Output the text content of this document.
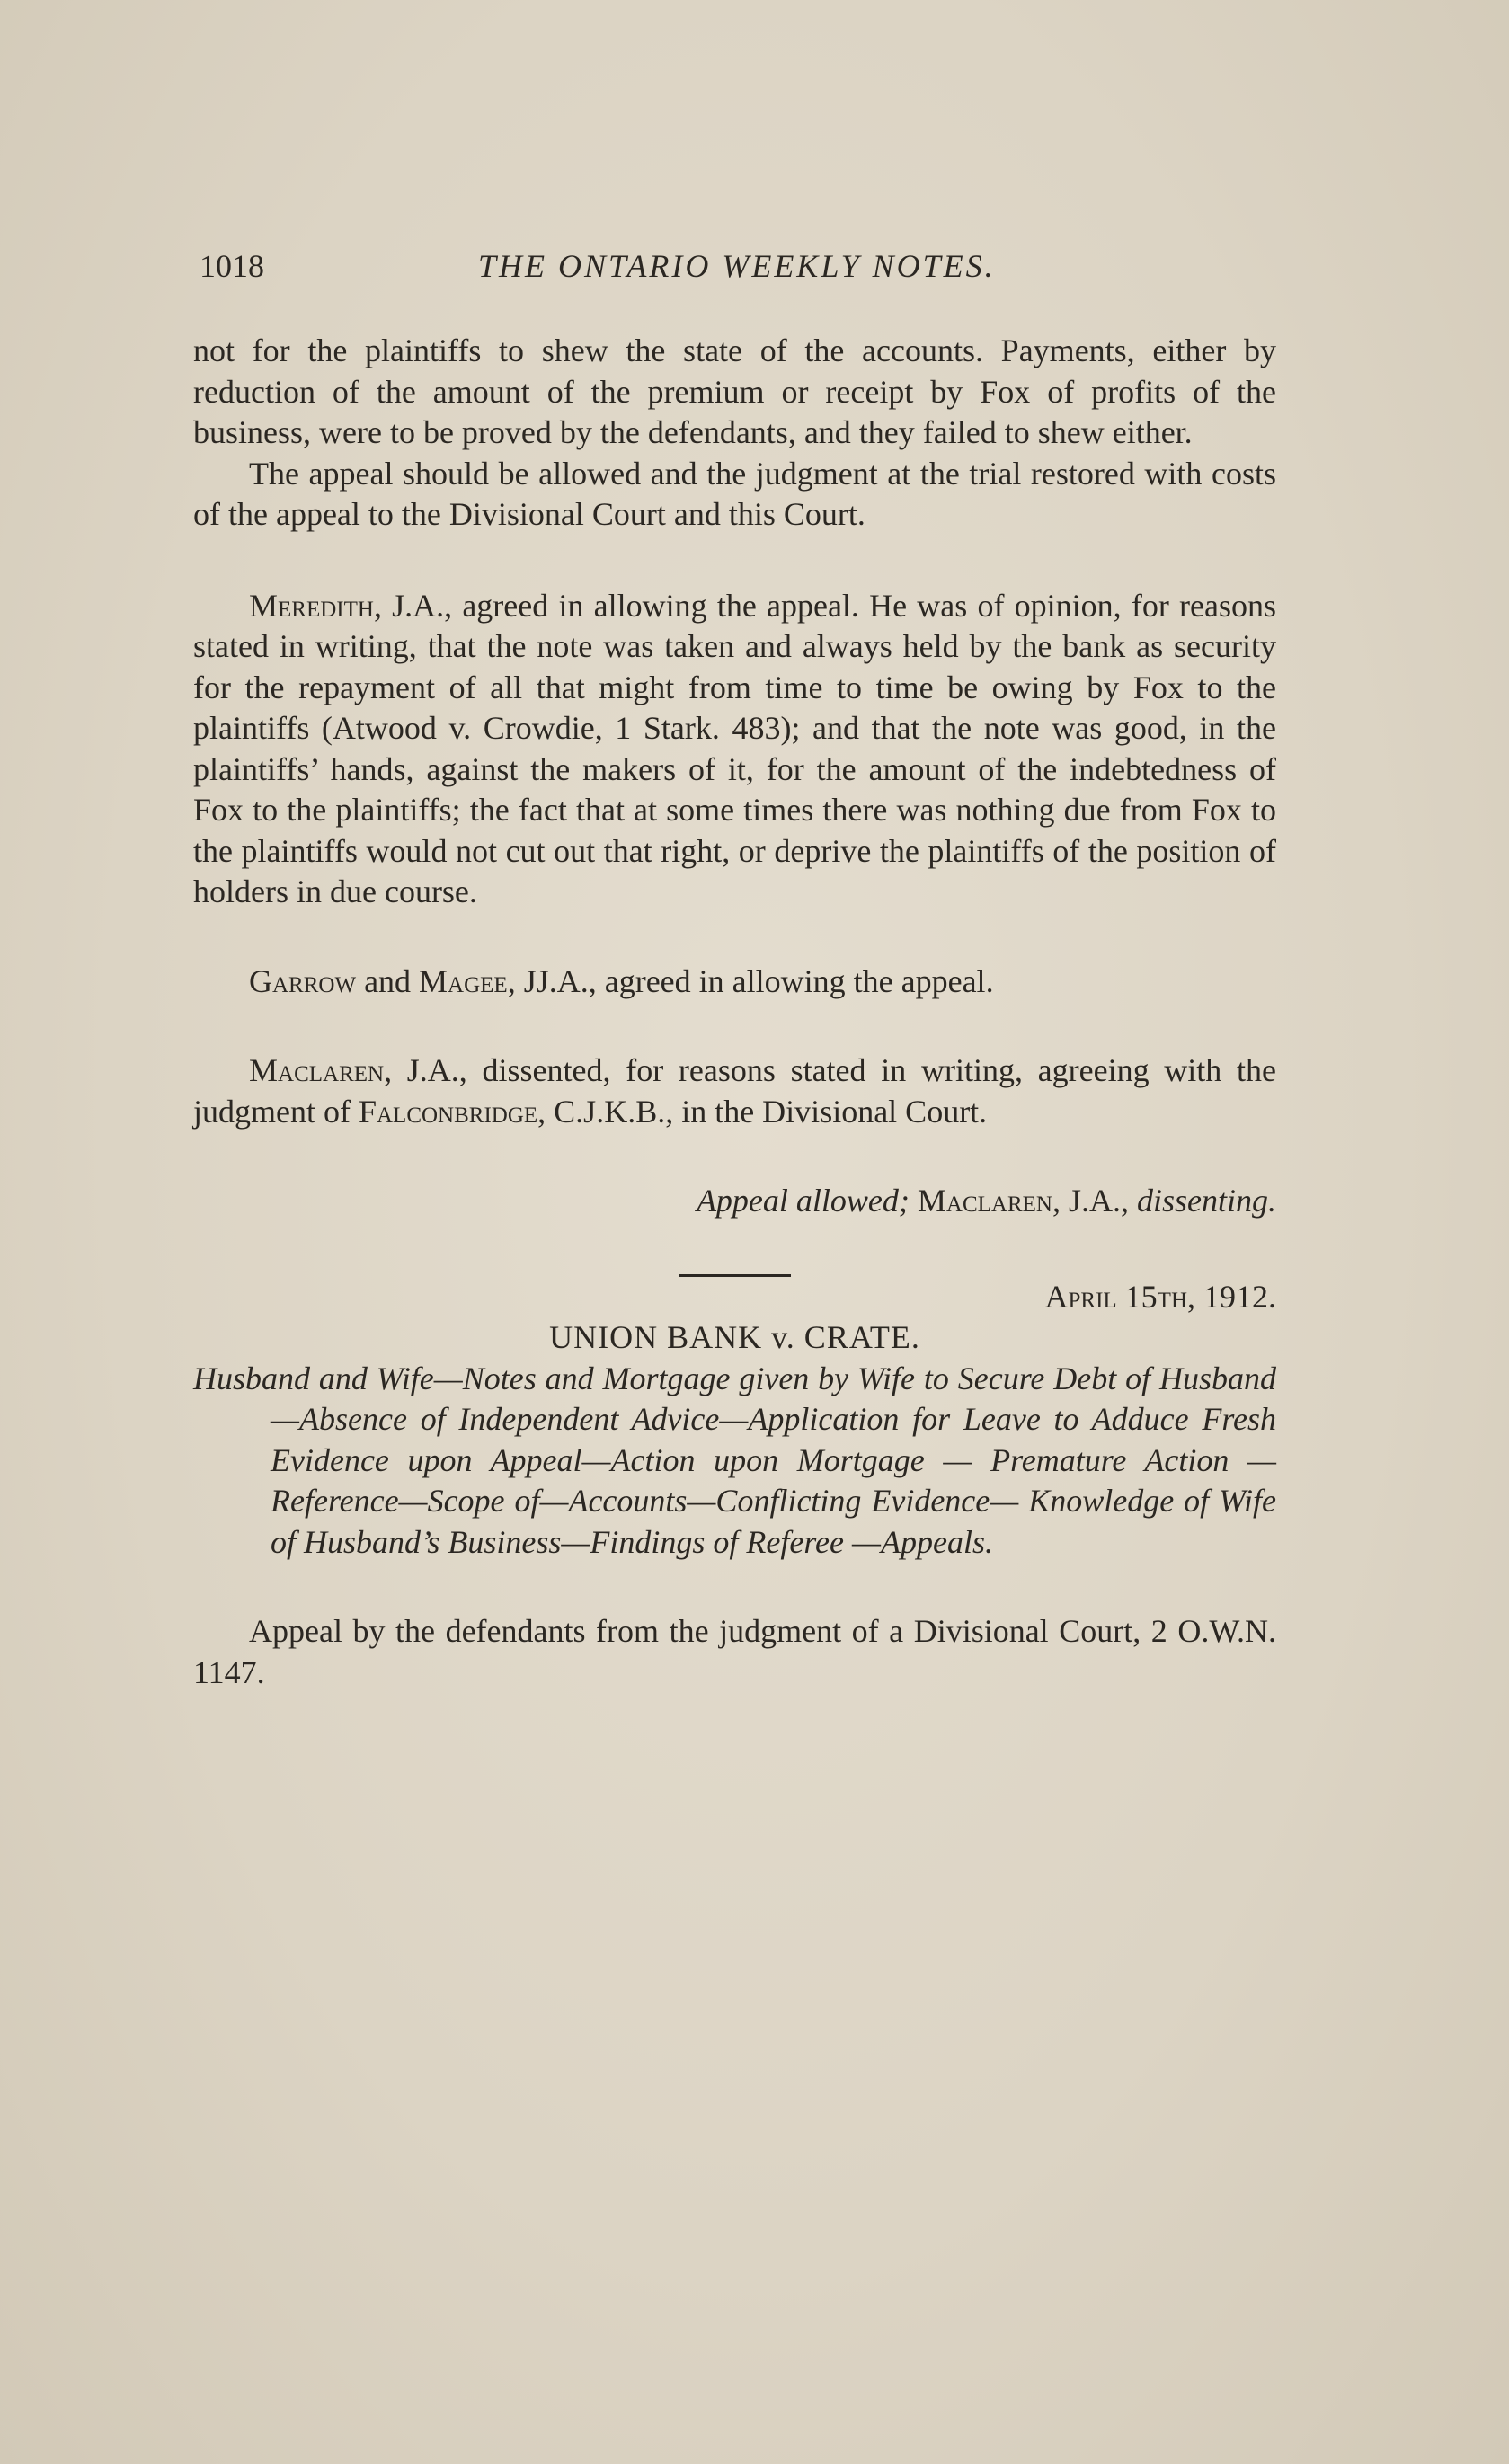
1018	THE ONTARIO WEEKLY NOTES.

not for the plaintiffs to shew the state of the accounts. Payments, either by reduction of the amount of the premium or receipt by Fox of profits of the business, were to be proved by the defendants, and they failed to shew either.

The appeal should be allowed and the judgment at the trial restored with costs of the appeal to the Divisional Court and this Court.

Meredith, J.A., agreed in allowing the appeal. He was of opinion, for reasons stated in writing, that the note was taken and always held by the bank as security for the repayment of all that might from time to time be owing by Fox to the plaintiffs (Atwood v. Crowdie, 1 Stark. 483); and that the note was good, in the plaintiffs’ hands, against the makers of it, for the amount of the indebtedness of Fox to the plaintiffs; the fact that at some times there was nothing due from Fox to the plaintiffs would not cut out that right, or deprive the plaintiffs of the position of holders in due course.

Garrow and Magee, JJ.A., agreed in allowing the appeal.

Maclaren, J.A., dissented, for reasons stated in writing, agreeing with the judgment of Falconbridge, C.J.K.B., in the Divisional Court.

Appeal allowed; Maclaren, J.A., dissenting.

April 15th, 1912.

UNION BANK v. CRATE.

Husband and Wife—Notes and Mortgage given by Wife to Secure Debt of Husband—Absence of Independent Advice—Application for Leave to Adduce Fresh Evidence upon Appeal—Action upon Mortgage — Premature Action — Reference—Scope of—Accounts—Conflicting Evidence— Knowledge of Wife of Husband’s Business—Findings of Referee —Appeals.

Appeal by the defendants from the judgment of a Divisional Court, 2 O.W.N. 1147.
